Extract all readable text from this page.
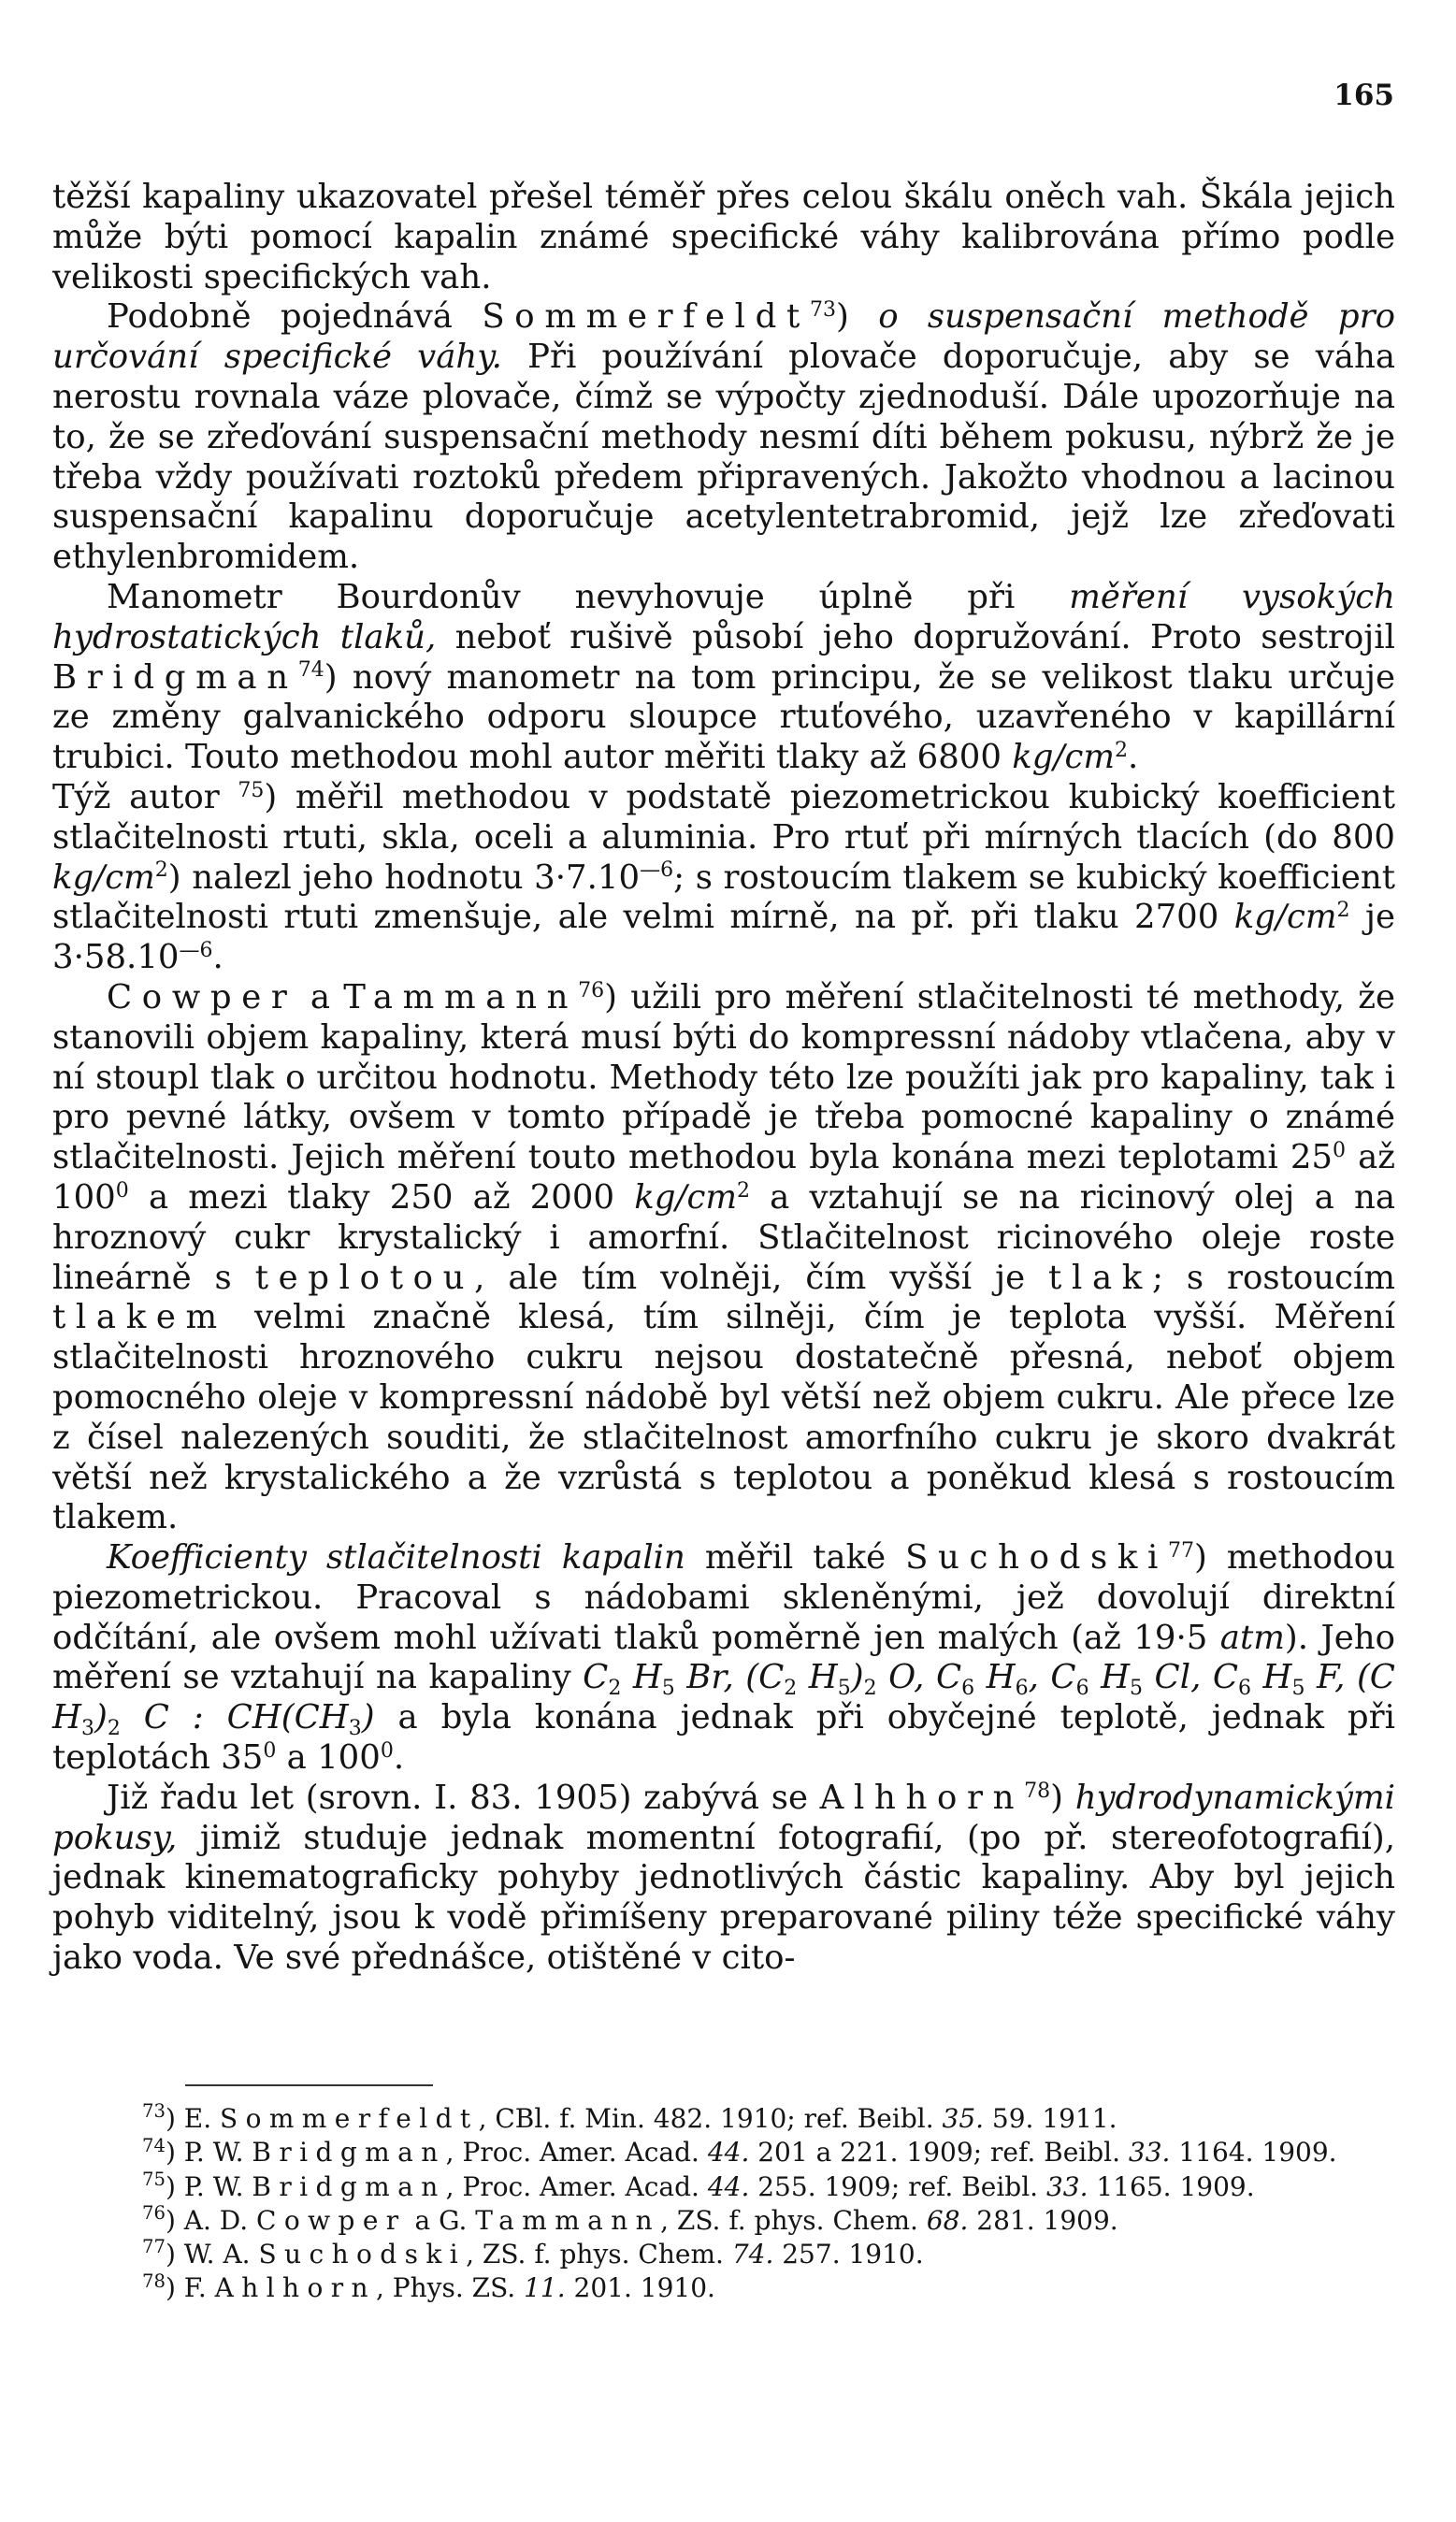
165

těžší kapaliny ukazovatel přešel téměř přes celou škálu oněch vah. Škála jejich může býti pomocí kapalin známé specifické váhy kalibrována přímo podle velikosti specifických vah.

Podobně pojednává Sommerfeldt$^{73}$) o suspensační methodě pro určování specifické váhy. Při používání plovače doporučuje, aby se váha nerostu rovnala váze plovače, čímž se výpočty zjednoduší. Dále upozorňuje na to, že se zřeďování suspensační methody nesmí díti během pokusu, nýbrž že je třeba vždy používati roztoků předem připravených. Jakožto vhodnou a lacinou suspensační kapalinu doporučuje acetylentetrabromid, jejž lze zřeďovati ethylenbromidem.

Manometr Bourdonův nevyhovuje úplně při měření vysokých hydrostatických tlaků, neboť rušivě působí jeho dopružování. Proto sestrojil Bridgman$^{74}$) nový manometr na tom principu, že se velikost tlaku určuje ze změny galvanického odporu sloupce rtuťového, uzavřeného v kapillární trubici. Touto methodou mohl autor měřiti tlaky až 6800 $kg/cm^2$.

Týž autor $^{75}$) měřil methodou v podstatě piezometrickou kubický koefficient stlačitelnosti rtuti, skla, oceli a aluminia. Pro rtuť při mírných tlacích (do 800 $kg/cm^2$) nalezl jeho hodnotu $3\cdot 7.10^{—6}$; s rostoucím tlakem se kubický koefficient stlačitelnosti rtuti zmenšuje, ale velmi mírně, na př. při tlaku 2700 $kg/cm^2$ je $3\cdot 58.10^{—6}$.

Cowper a Tammann$^{76}$) užili pro měření stlačitelnosti té methody, že stanovili objem kapaliny, která musí býti do kompressní nádoby vtlačena, aby v ní stoupl tlak o určitou hodnotu. Methody této lze použíti jak pro kapaliny, tak i pro pevné látky, ovšem v tomto případě je třeba pomocné kapaliny o známé stlačitelnosti. Jejich měření touto methodou byla konána mezi teplotami $25^0$ až $100^0$ a mezi tlaky 250 až 2000 $kg/cm^2$ a vztahují se na ricinový olej a na hroznový cukr krystalický i amorfní. Stlačitelnost ricinového oleje roste lineárně s teplotou, ale tím volněji, čím vyšší je tlak; s rostoucím tlakem velmi značně klesá, tím silněji, čím je teplota vyšší. Měření stlačitelnosti hroznového cukru nejsou dostatečně přesná, neboť objem pomocného oleje v kompressní nádobě byl větší než objem cukru. Ale přece lze z čísel nalezených souditi, že stlačitelnost amorfního cukru je skoro dvakrát větší než krystalického a že vzrůstá s teplotou a poněkud klesá s rostoucím tlakem.

Koefficienty stlačitelnosti kapalin měřil také Suchodski$^{77}$) methodou piezometrickou. Pracoval s nádobami skleněnými, jež dovolují direktní odčítání, ale ovšem mohl užívati tlaků poměrně jen malých (až 19·5 atm). Jeho měření se vztahují na kapaliny $C_2$ $H_5$ Br, ($C_2$ $H_5)_2$ O, $C_6$ $H_6$, $C_6$ $H_5$ Cl, $C_6$ $H_5$ F, (C $H_3)_2$ C : $CH(CH_3)$ a byla konána jednak při obyčejné teplotě, jednak při teplotách $35^0$ a $100^0$.

Již řadu let (srovn. I. 83. 1905) zabývá se Alhhorn$^{78}$) hydrodynamickými pokusy, jimiž studuje jednak momentní fotografií, (po př. stereofotografií), jednak kinematograficky pohyby jednotlivých částic kapaliny. Aby byl jejich pohyb viditelný, jsou k vodě přimíšeny preparované piliny téže specifické váhy jako voda. Ve své přednášce, otištěné v cito-

$^{73}$) E. Sommerfeldt, CBl. f. Min. 482. 1910; ref. Beibl. 35. 59. 1911.

$^{74}$) P. W. Bridgman, Proc. Amer. Acad. 44. 201 a 221. 1909; ref. Beibl. 33. 1164. 1909.

$^{75}$) P. W. Bridgman, Proc. Amer. Acad. 44. 255. 1909; ref. Beibl. 33. 1165. 1909.

$^{76}$) A. D. Cowper a G. Tammann, ZS. f. phys. Chem. 68. 281. 1909.

$^{77}$) W. A. Suchodski, ZS. f. phys. Chem. 74. 257. 1910.

$^{78}$) F. Ahlhorn, Phys. ZS. 11. 201. 1910.
